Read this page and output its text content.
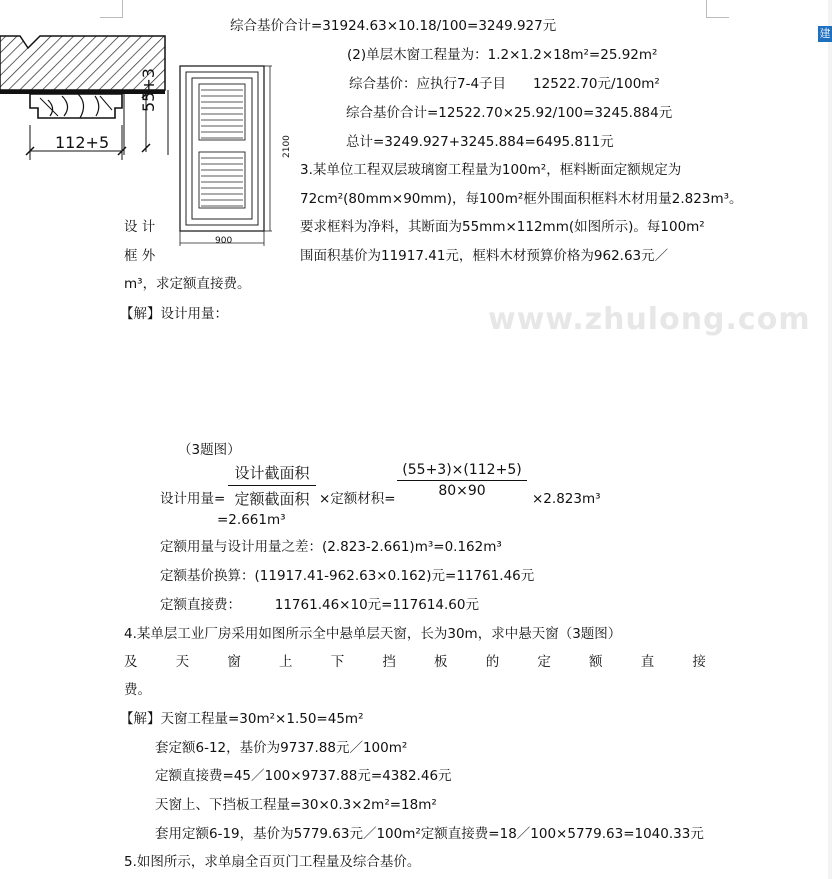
建
www.zhulong.com
112+5
55+3
2100
900
综合基价合计=31924.63×10.18/100=3249.927元
(2)单层木窗工程量为：1.2×1.2×18m²=25.92m²
综合基价：应执行7-4子目　　12522.70元/100m²
综合基价合计=12522.70×25.92/100=3245.884元
总计=3249.927+3245.884=6495.811元
3.某单位工程双层玻璃窗工程量为100m²，框料断面定额规定为
72cm²(80mm×90mm)，每100m²框外围面积框料木材用量2.823m³。
设 计	要求框料为净料，其断面为55mm×112mm(如图所示)。每100m²
框 外	围面积基价为11917.41元，框料木材预算价格为962.63元／
m³，求定额直接费。
【解】设计用量：
（3题图）
设计用量=
设计截面积
定额截面积 ×定额材积=
(55+3)×(112+5)
80×90	×2.823m³
=2.661m³
定额用量与设计用量之差：(2.823-2.661)m³=0.162m³
定额基价换算：(11917.41-962.63×0.162)元=11761.46元
定额直接费：　　　11761.46×10元=117614.60元
4.某单层工业厂房采用如图所示全中悬单层天窗，长为30m，求中悬天窗（3题图）
及	天	窗	上	下	挡	板	的	定	额	直	接
费。
【解】天窗工程量=30m²×1.50=45m²
套定额6-12，基价为9737.88元／100m²
定额直接费=45／100×9737.88元=4382.46元
天窗上、下挡板工程量=30×0.3×2m²=18m²
套用定额6-19，基价为5779.63元／100m²定额直接费=18／100×5779.63=1040.33元
5.如图所示，求单扇全百页门工程量及综合基价。
